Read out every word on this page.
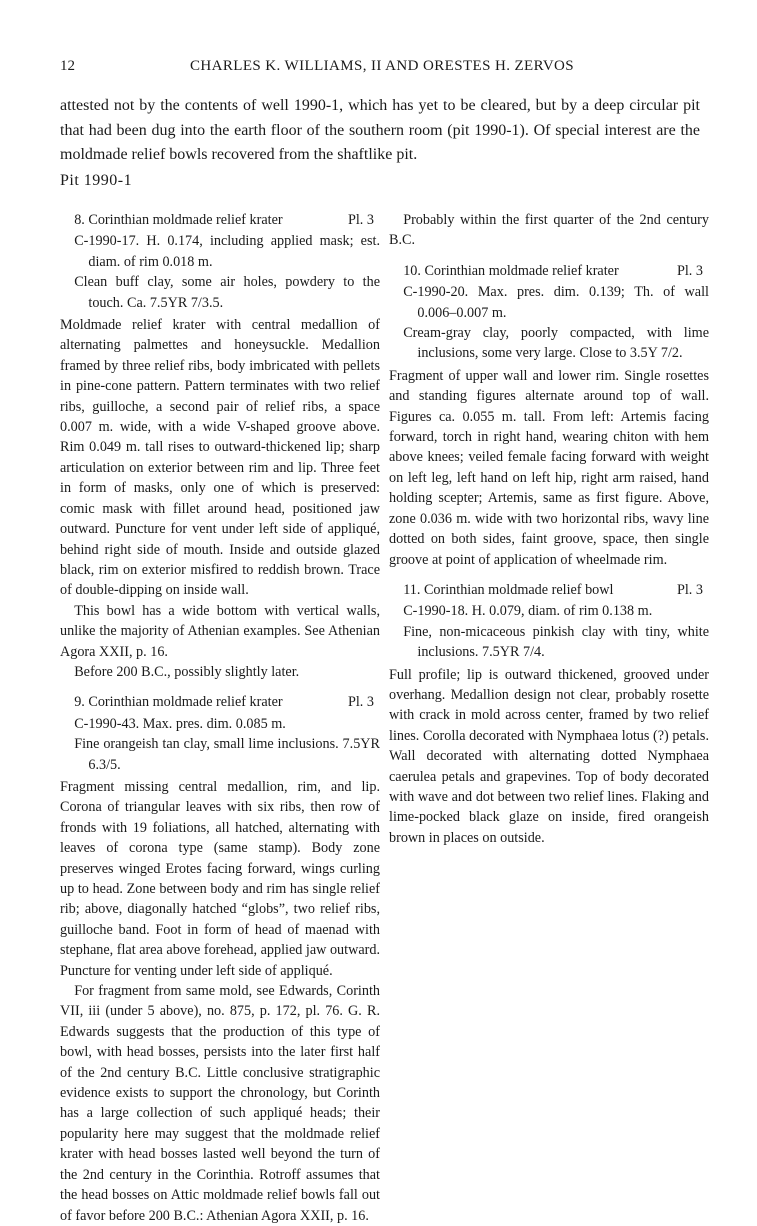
12	CHARLES K. WILLIAMS, II AND ORESTES H. ZERVOS

attested not by the contents of well 1990-1, which has yet to be cleared, but by a deep circular pit that had been dug into the earth floor of the southern room (pit 1990-1). Of special interest are the moldmade relief bowls recovered from the shaftlike pit.

Pit 1990-1
8. Corinthian moldmade relief krater	Pl. 3

C-1990-17. H. 0.174, including applied mask; est. diam. of rim 0.018 m.

Clean buff clay, some air holes, powdery to the touch. Ca. 7.5YR 7/3.5.

Moldmade relief krater with central medallion of alternating palmettes and honeysuckle. Medallion framed by three relief ribs, body imbricated with pellets in pine-cone pattern. Pattern terminates with two relief ribs, guilloche, a second pair of relief ribs, a space 0.007 m. wide, with a wide V-shaped groove above. Rim 0.049 m. tall rises to outward-thickened lip; sharp articulation on exterior between rim and lip. Three feet in form of masks, only one of which is preserved: comic mask with fillet around head, positioned jaw outward. Puncture for vent under left side of appliqué, behind right side of mouth. Inside and outside glazed black, rim on exterior misfired to reddish brown. Trace of double-dipping on inside wall.

This bowl has a wide bottom with vertical walls, unlike the majority of Athenian examples. See Athenian Agora XXII, p. 16.

Before 200 B.C., possibly slightly later.

9. Corinthian moldmade relief krater	Pl. 3

C-1990-43. Max. pres. dim. 0.085 m.

Fine orangeish tan clay, small lime inclusions. 7.5YR 6.3/5.

Fragment missing central medallion, rim, and lip. Corona of triangular leaves with six ribs, then row of fronds with 19 foliations, all hatched, alternating with leaves of corona type (same stamp). Body zone preserves winged Erotes facing forward, wings curling up to head. Zone between body and rim has single relief rib; above, diagonally hatched “globs”, two relief ribs, guilloche band. Foot in form of head of maenad with stephane, flat area above forehead, applied jaw outward. Puncture for venting under left side of appliqué.

For fragment from same mold, see Edwards, Corinth VII, iii (under 5 above), no. 875, p. 172, pl. 76. G. R. Edwards suggests that the production of this type of bowl, with head bosses, persists into the later first half of the 2nd century B.C. Little conclusive stratigraphic evidence exists to support the chronology, but Corinth has a large collection of such appliqué heads; their popularity here may suggest that the moldmade relief krater with head bosses lasted well beyond the turn of the 2nd century in the Corinthia. Rotroff assumes that the head bosses on Attic moldmade relief bowls fall out of favor before 200 B.C.: Athenian Agora XXII, p. 16.

Probably within the first quarter of the 2nd century B.C.

10. Corinthian moldmade relief krater	Pl. 3

C-1990-20. Max. pres. dim. 0.139; Th. of wall 0.006–0.007 m.

Cream-gray clay, poorly compacted, with lime inclusions, some very large. Close to 3.5Y 7/2.

Fragment of upper wall and lower rim. Single rosettes and standing figures alternate around top of wall. Figures ca. 0.055 m. tall. From left: Artemis facing forward, torch in right hand, wearing chiton with hem above knees; veiled female facing forward with weight on left leg, left hand on left hip, right arm raised, hand holding scepter; Artemis, same as first figure. Above, zone 0.036 m. wide with two horizontal ribs, wavy line dotted on both sides, faint groove, space, then single groove at point of application of wheelmade rim.

11. Corinthian moldmade relief bowl	Pl. 3

C-1990-18. H. 0.079, diam. of rim 0.138 m.

Fine, non-micaceous pinkish clay with tiny, white inclusions. 7.5YR 7/4.

Full profile; lip is outward thickened, grooved under overhang. Medallion design not clear, probably rosette with crack in mold across center, framed by two relief lines. Corolla decorated with Nymphaea lotus (?) petals. Wall decorated with alternating dotted Nymphaea caerulea petals and grapevines. Top of body decorated with wave and dot between two relief lines. Flaking and lime-pocked black glaze on inside, fired orangeish brown in places on outside.
